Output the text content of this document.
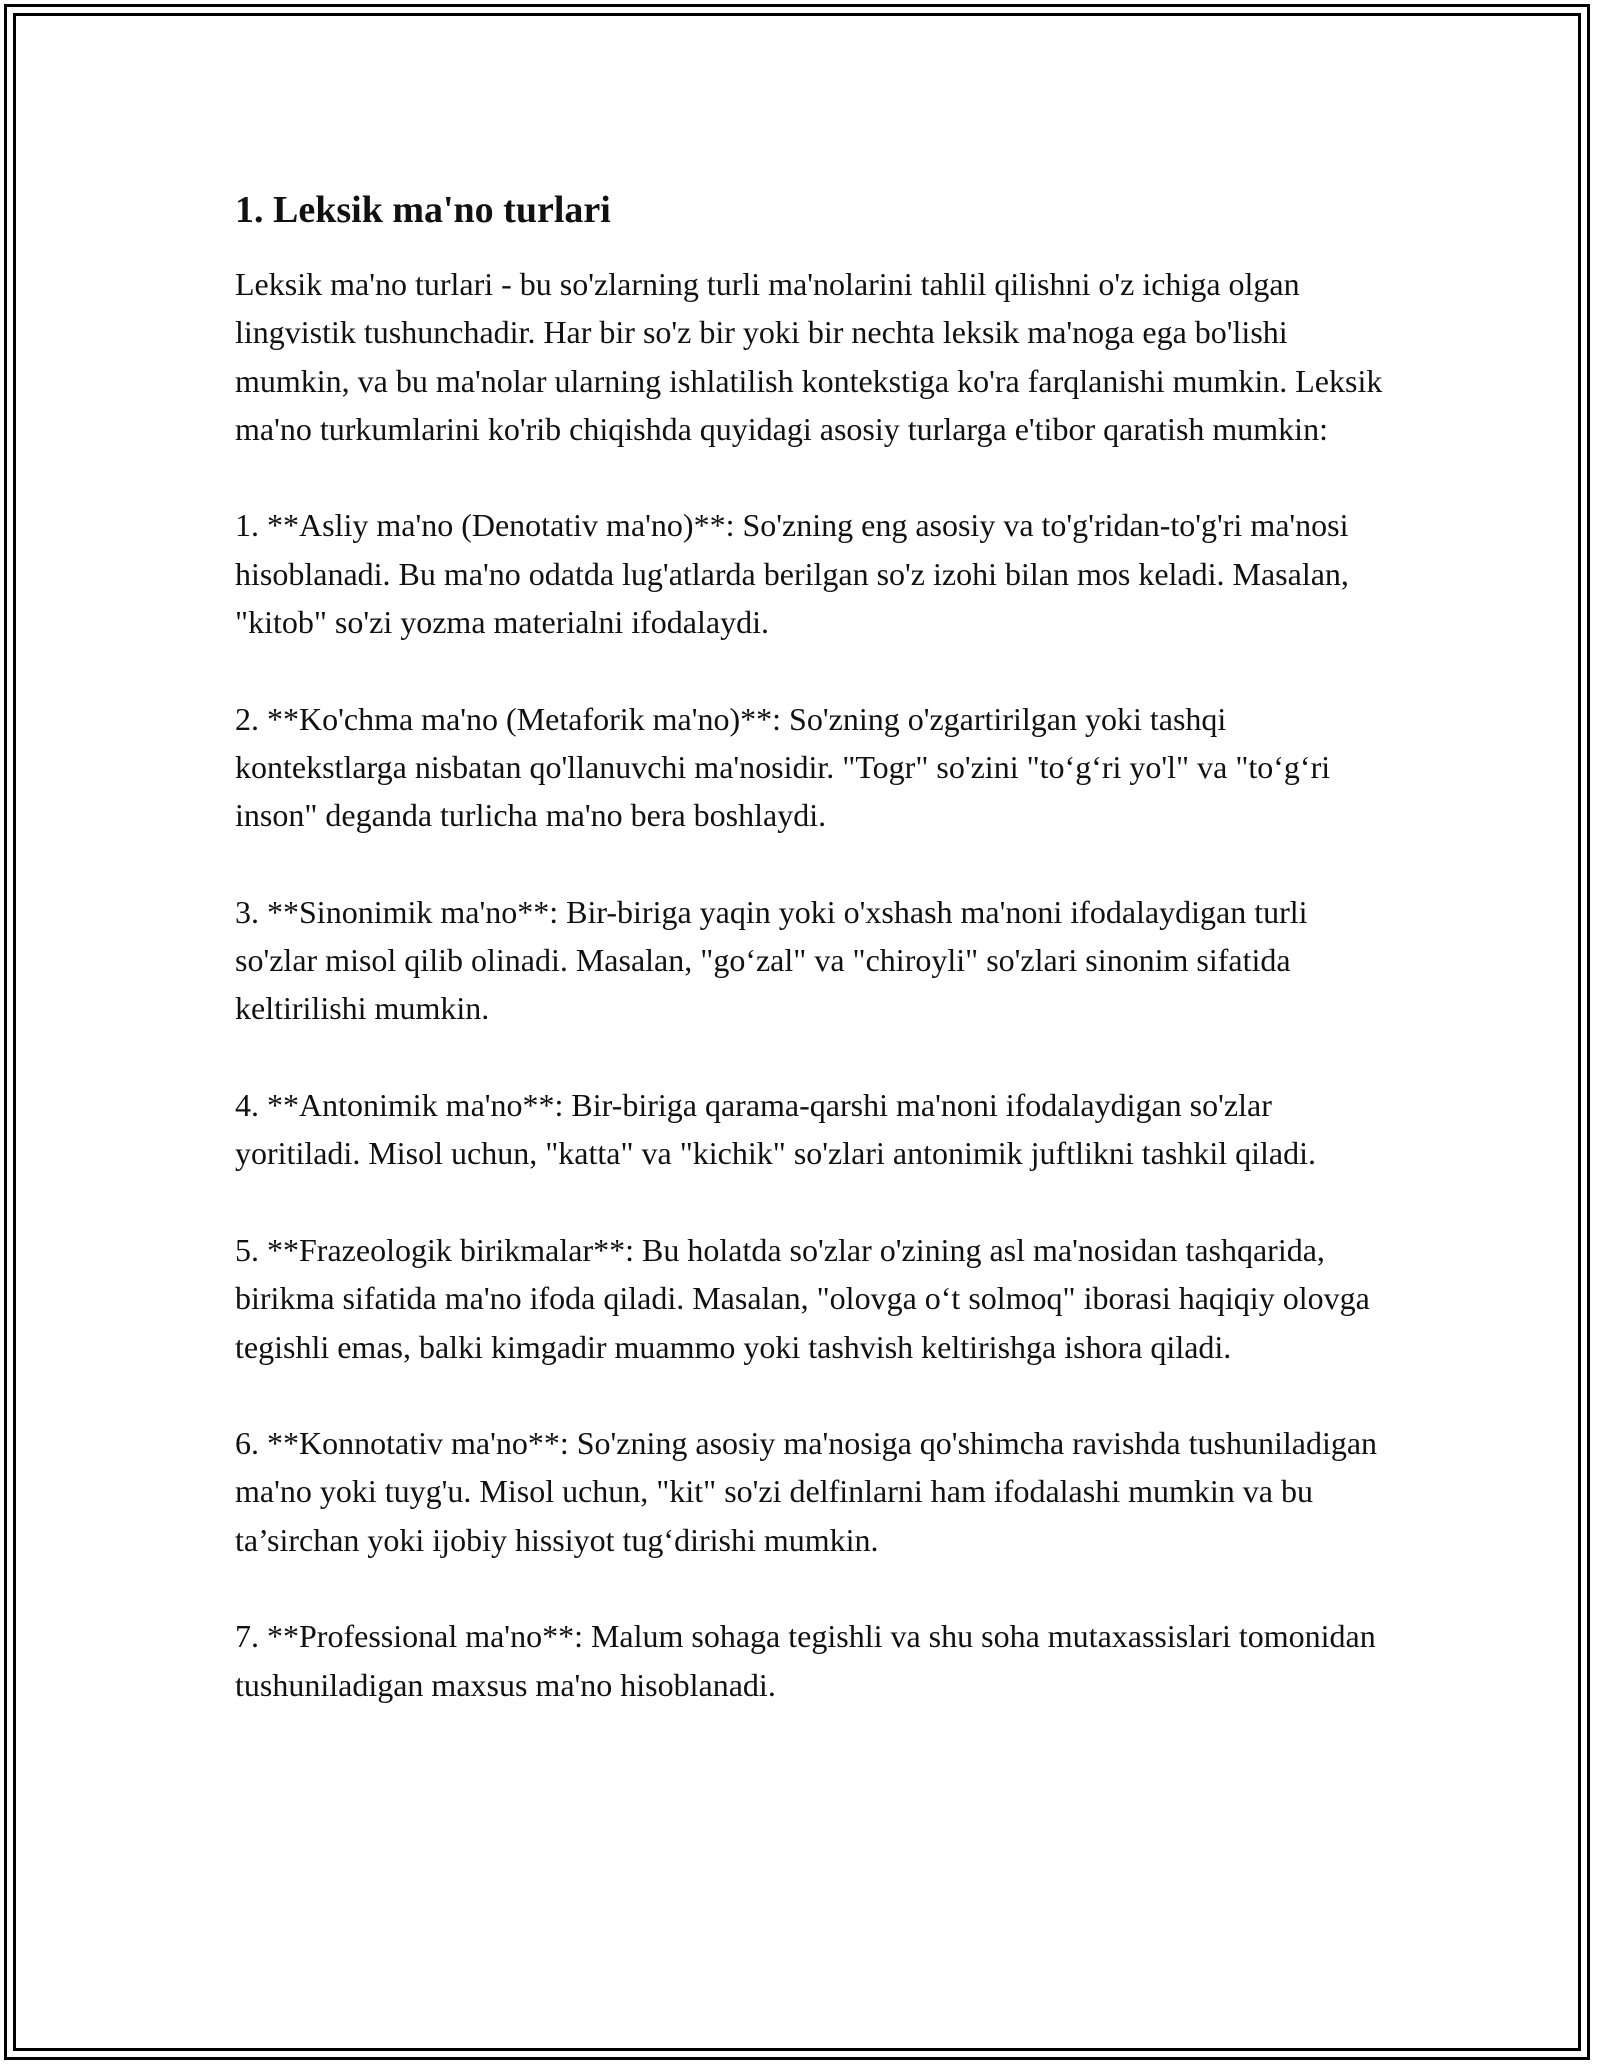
1. Leksik ma'no turlari

Leksik ma'no turlari - bu so'zlarning turli ma'nolarini tahlil qilishni o'z ichiga olgan lingvistik tushunchadir. Har bir so'z bir yoki bir nechta leksik ma'noga ega bo'lishi mumkin, va bu ma'nolar ularning ishlatilish kontekstiga ko'ra farqlanishi mumkin. Leksik ma'no turkumlarini ko'rib chiqishda quyidagi asosiy turlarga e'tibor qaratish mumkin:

1. **Asliy ma'no (Denotativ ma'no)**: So'zning eng asosiy va to'g'ridan-to'g'ri ma'nosi hisoblanadi. Bu ma'no odatda lug'atlarda berilgan so'z izohi bilan mos keladi. Masalan, "kitob" so'zi yozma materialni ifodalaydi.

2. **Ko'chma ma'no (Metaforik ma'no)**: So'zning o'zgartirilgan yoki tashqi kontekstlarga nisbatan qo'llanuvchi ma'nosidir. "Togr" so'zini "to‘g‘ri yo'l" va "to‘g‘ri inson" deganda turlicha ma'no bera boshlaydi.

3. **Sinonimik ma'no**: Bir-biriga yaqin yoki o'xshash ma'noni ifodalaydigan turli so'zlar misol qilib olinadi. Masalan, "go‘zal" va "chiroyli" so'zlari sinonim sifatida keltirilishi mumkin.

4. **Antonimik ma'no**: Bir-biriga qarama-qarshi ma'noni ifodalaydigan so'zlar yoritiladi. Misol uchun, "katta" va "kichik" so'zlari antonimik juftlikni tashkil qiladi.

5. **Frazeologik birikmalar**: Bu holatda so'zlar o'zining asl ma'nosidan tashqarida, birikma sifatida ma'no ifoda qiladi. Masalan, "olovga o‘t solmoq" iborasi haqiqiy olovga tegishli emas, balki kimgadir muammo yoki tashvish keltirishga ishora qiladi.

6. **Konnotativ ma'no**: So'zning asosiy ma'nosiga qo'shimcha ravishda tushuniladigan ma'no yoki tuyg'u. Misol uchun, "kit" so'zi delfinlarni ham ifodalashi mumkin va bu ta’sirchan yoki ijobiy hissiyot tug‘dirishi mumkin.

7. **Professional ma'no**: Malum sohaga tegishli va shu soha mutaxassislari tomonidan tushuniladigan maxsus ma'no hisoblanadi.
